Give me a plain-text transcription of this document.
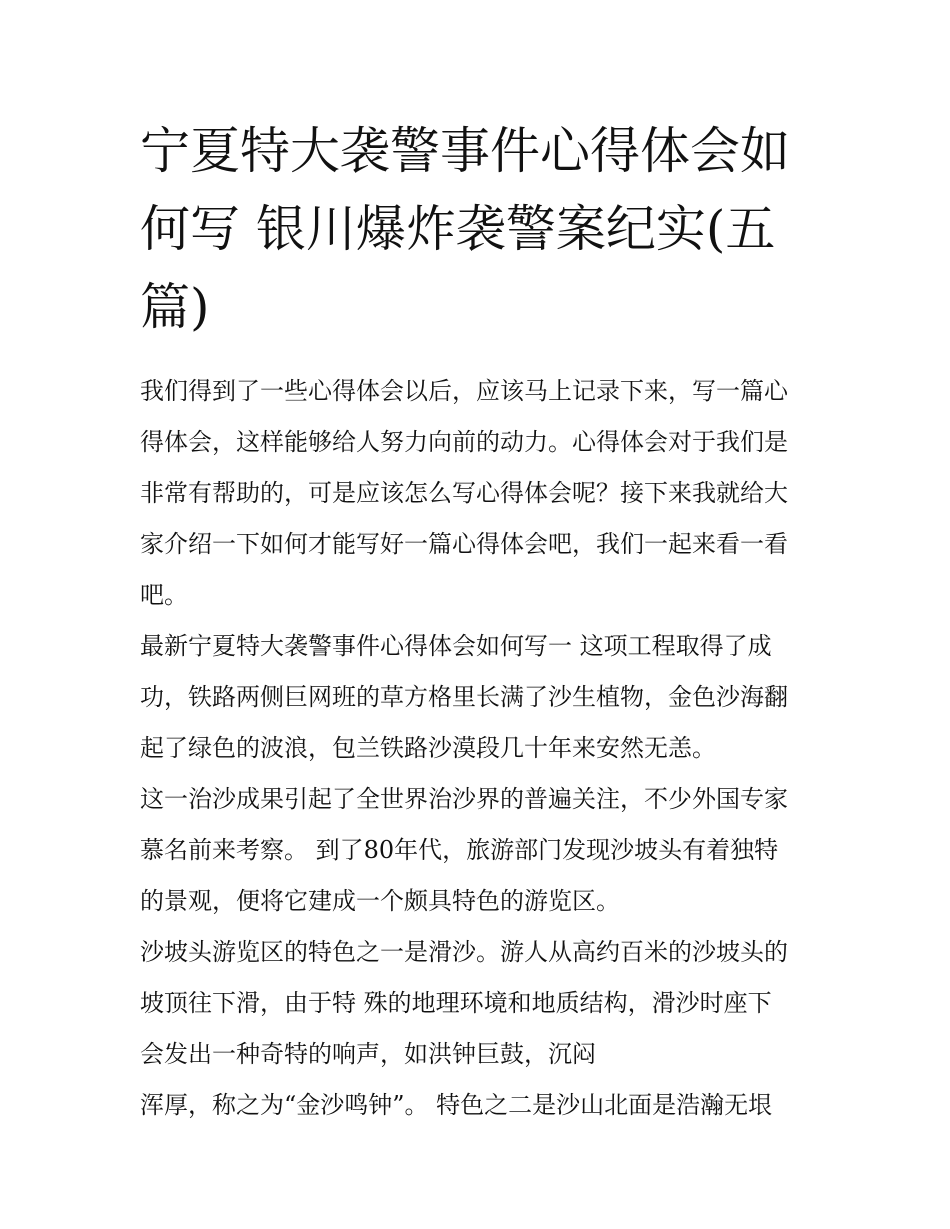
宁夏特大袭警事件心得体会如
何写 银川爆炸袭警案纪实(五
篇)

我们得到了一些心得体会以后，应该马上记录下来，写一篇心
得体会，这样能够给人努力向前的动力。心得体会对于我们是
非常有帮助的，可是应该怎么写心得体会呢？接下来我就给大
家介绍一下如何才能写好一篇心得体会吧，我们一起来看一看
吧。

最新宁夏特大袭警事件心得体会如何写一 这项工程取得了成
功，铁路两侧巨网班的草方格里长满了沙生植物，金色沙海翻
起了绿色的波浪，包兰铁路沙漠段几十年来安然无恙。

这一治沙成果引起了全世界治沙界的普遍关注，不少外国专家
慕名前来考察。 到了80年代，旅游部门发现沙坡头有着独特
的景观，便将它建成一个颇具特色的游览区。

沙坡头游览区的特色之一是滑沙。游人从高约百米的沙坡头的
坡顶往下滑，由于特 殊的地理环境和地质结构，滑沙时座下
会发出一种奇特的响声，如洪钟巨鼓，沉闷

浑厚，称之为“金沙鸣钟”。 特色之二是沙山北面是浩瀚无垠
